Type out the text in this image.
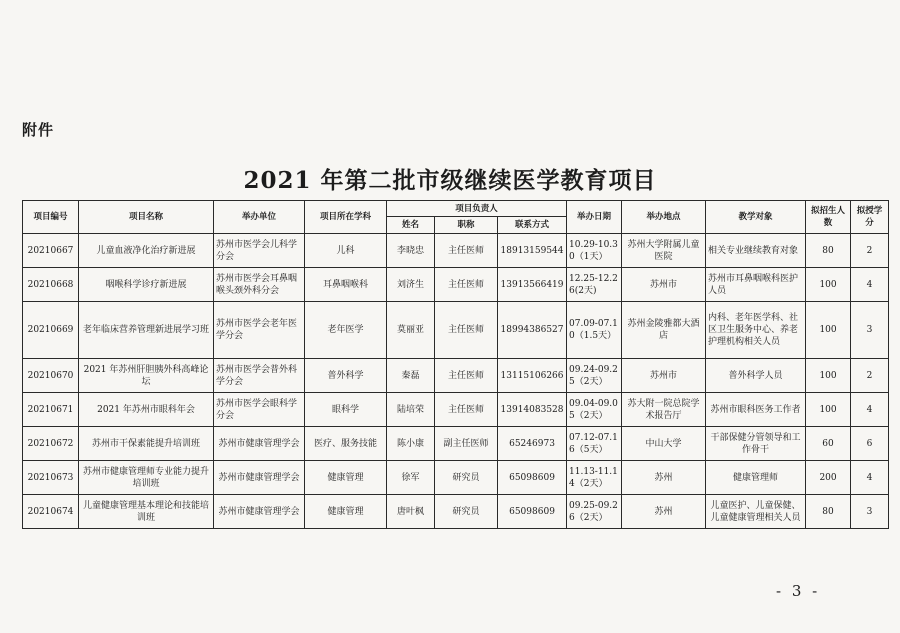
附件
2021 年第二批市级继续医学教育项目
项目编号	项目名称	举办单位	项目所在学科	项目负责人			举办日期	举办地点	教学对象	拟招生人数	拟授学分
				姓名	职称	联系方式					
20210667	儿童血液净化治疗新进展	苏州市医学会儿科学分会	儿科	李晓忠	主任医师	18913159544	10.29-10.30（1天）	苏州大学附属儿童医院	相关专业继续教育对象	80	2
20210668	咽喉科学诊疗新进展	苏州市医学会耳鼻咽喉头颈外科分会	耳鼻咽喉科	刘济生	主任医师	13913566419	12.25-12.26(2天)	苏州市	苏州市耳鼻咽喉科医护人员	100	4
20210669	老年临床营养管理新进展学习班	苏州市医学会老年医学分会	老年医学	莫丽亚	主任医师	18994386527	07.09-07.10（1.5天）	苏州金陵雅都大酒店	内科、老年医学科、社区卫生服务中心、养老护理机构相关人员	100	3
20210670	2021 年苏州肝胆胰外科高峰论坛	苏州市医学会普外科学分会	普外科学	秦磊	主任医师	13115106266	09.24-09.25（2天）	苏州市	普外科学人员	100	2
20210671	2021 年苏州市眼科年会	苏州市医学会眼科学分会	眼科学	陆培荣	主任医师	13914083528	09.04-09.05（2天）	苏大附一院总院学术报告厅	苏州市眼科医务工作者	100	4
20210672	苏州市干保素能提升培训班	苏州市健康管理学会	医疗、服务技能	陈小康	副主任医师	65246973	07.12-07.16（5天）	中山大学	干部保健分管领导和工作骨干	60	6
20210673	苏州市健康管理师专业能力提升培训班	苏州市健康管理学会	健康管理	徐军	研究员	65098609	11.13-11.14（2天）	苏州	健康管理师	200	4
20210674	儿童健康管理基本理论和技能培训班	苏州市健康管理学会	健康管理	唐叶枫	研究员	65098609	09.25-09.26（2天）	苏州	儿童医护、儿童保健、儿童健康管理相关人员	80	3
- 3 -
